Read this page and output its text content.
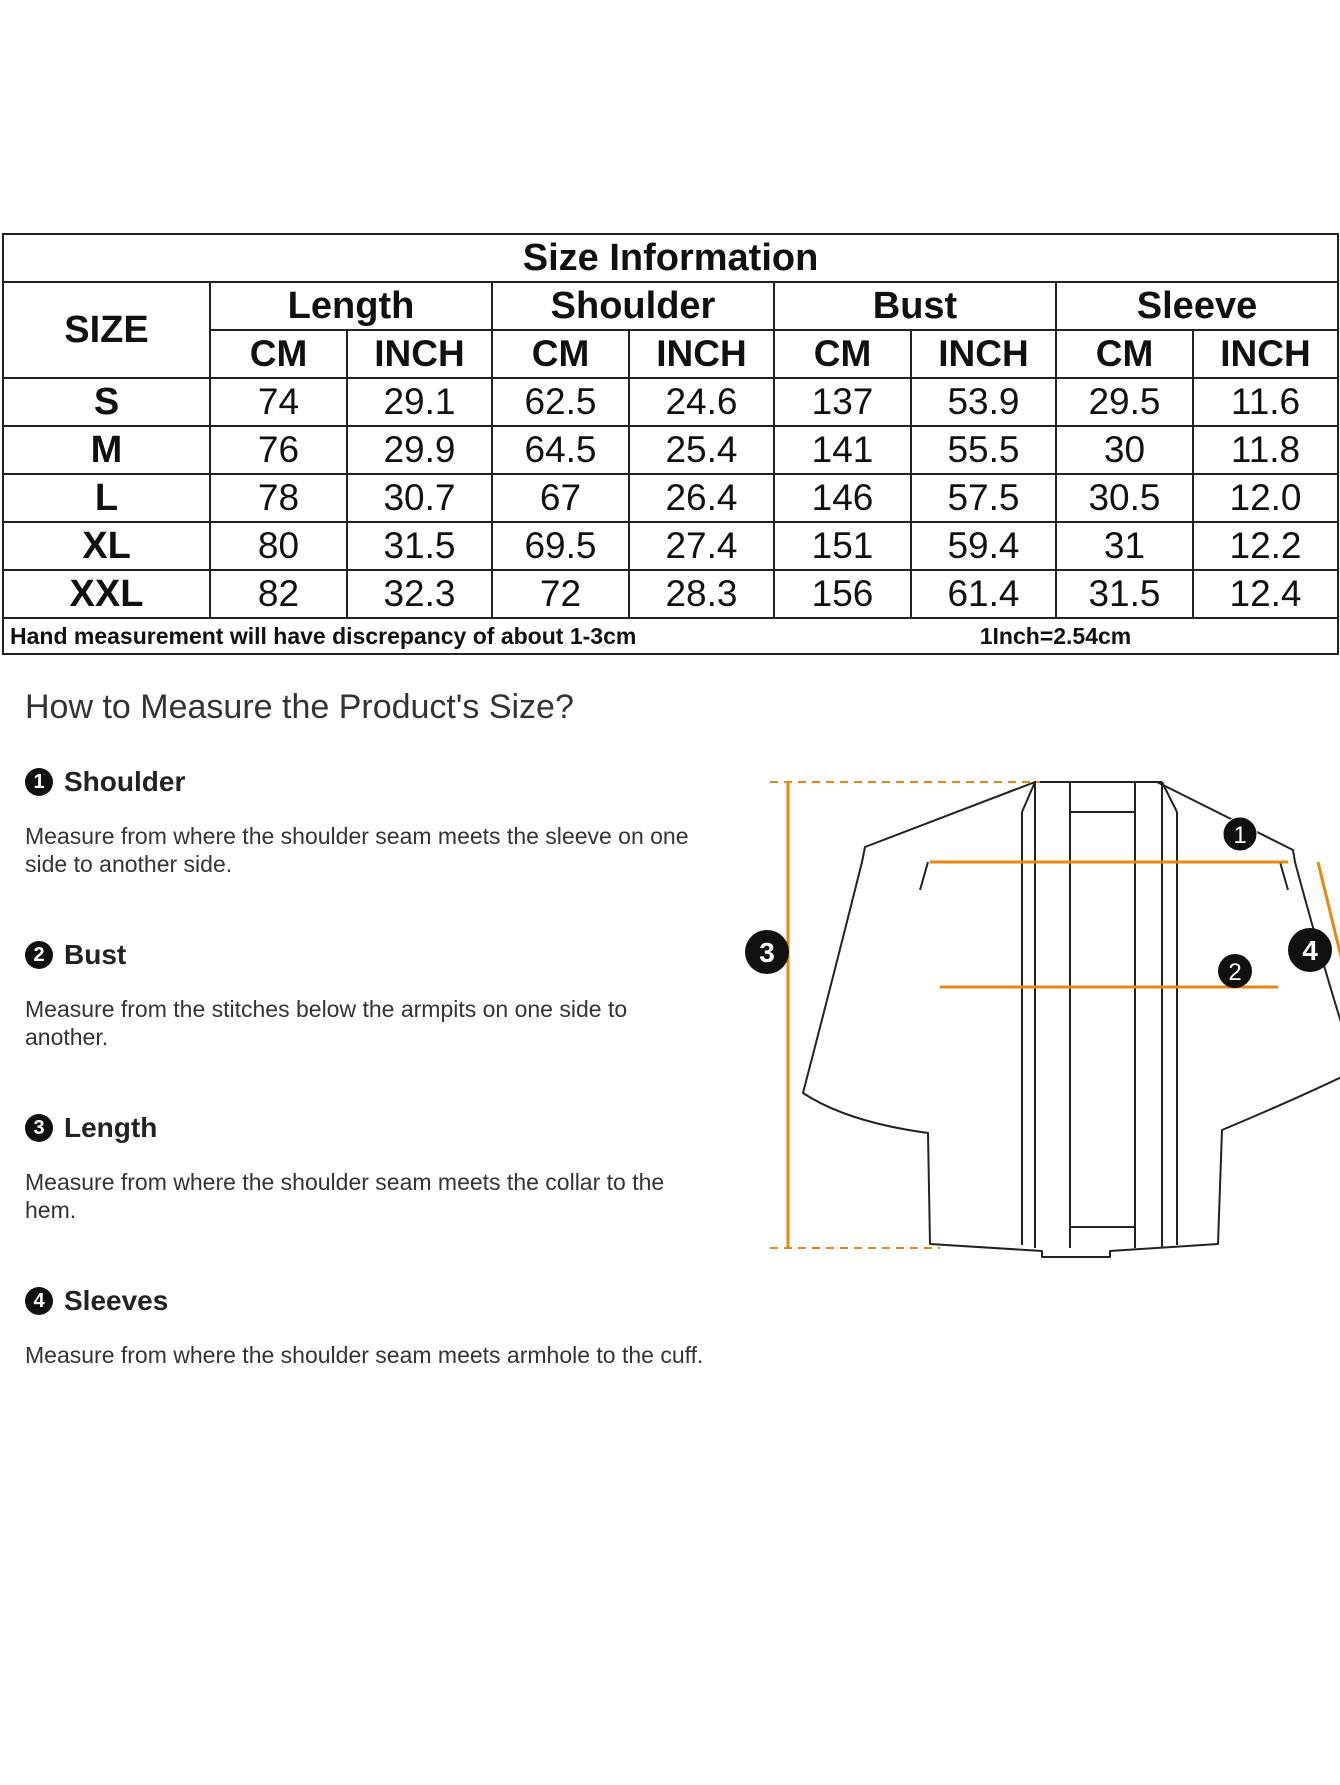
Size Information								
SIZE	Length		Shoulder		Bust		Sleeve	
	CM	INCH	CM	INCH	CM	INCH	CM	INCH
S	74	29.1	62.5	24.6	137	53.9	29.5	11.6
M	76	29.9	64.5	25.4	141	55.5	30	11.8
L	78	30.7	67	26.4	146	57.5	30.5	12.0
XL	80	31.5	69.5	27.4	151	59.4	31	12.2
XXL	82	32.3	72	28.3	156	61.4	31.5	12.4
Hand measurement will have discrepancy of about 1-3cm					1Inch=2.54cm			
How to Measure the Product's Size?
1 Shoulder
Measure from where the shoulder seam meets the sleeve on one side to another side.
2 Bust
Measure from the stitches below the armpits on one side to another.
3 Length
Measure from where the shoulder seam meets the collar to the hem.
4 Sleeves
Measure from where the shoulder seam meets armhole to the cuff.
1
2
3	4
